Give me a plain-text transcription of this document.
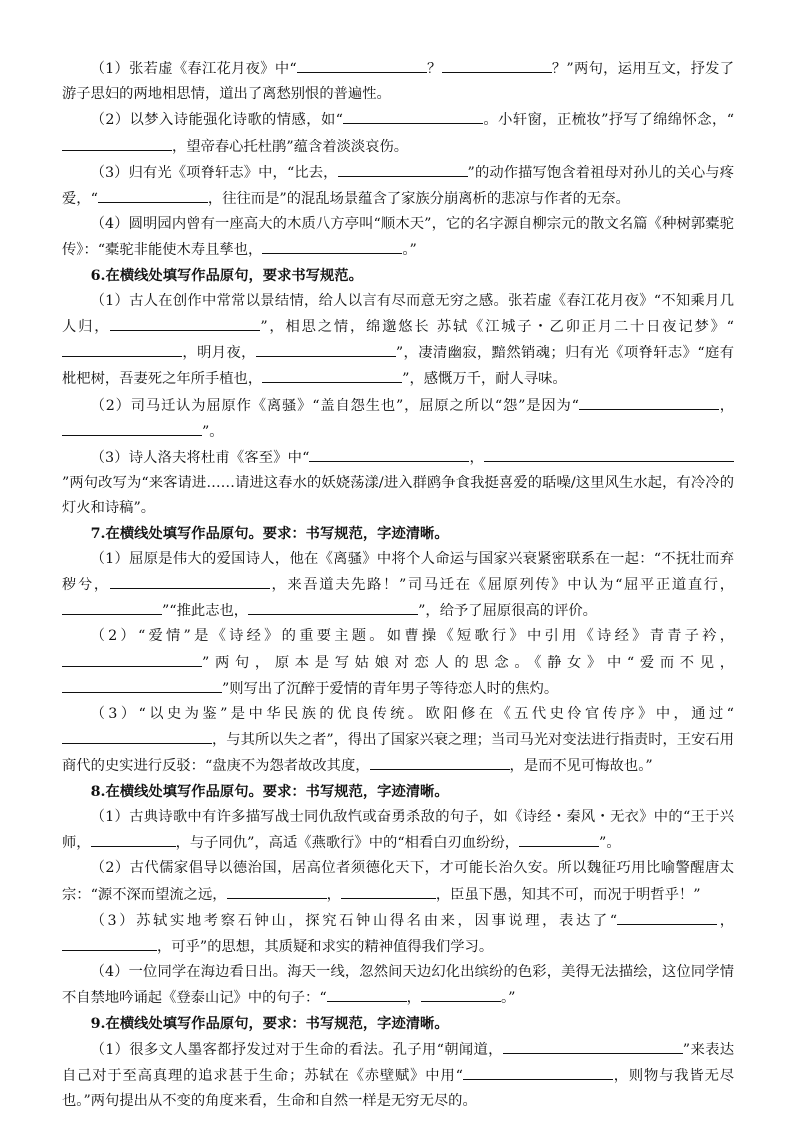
（1）张若虚《春江花月夜》中“	？	？”两句，运用互文，抒发了游子思妇的两地相思情，道出了离愁别恨的普遍性。

（2）以梦入诗能强化诗歌的情感，如“	。小轩窗，正梳妆”抒写了绵绵怀念，“，望帝春心托杜鹃”蕴含着淡淡哀伤。

（3）归有光《项脊轩志》中，“比去，	”的动作描写饱含着祖母对孙儿的关心与疼爱，“	，往往而是”的混乱场景蕴含了家族分崩离析的悲凉与作者的无奈。

（4）圆明园内曾有一座高大的木质八方亭叫“顺木天”，它的名字源自柳宗元的散文名篇《种树郭橐驼传》：“橐驼非能使木寿且孳也，	。”

6.在横线处填写作品原句，要求书写规范。

（1）古人在创作中常常以景结情，给人以言有尽而意无穷之感。张若虚《春江花月夜》“不知乘月几人归，	”，相思之情，绵邈悠长 苏轼《江城子・乙卯正月二十日夜记梦》“，明月夜，	”，凄清幽寂，黯然销魂；归有光《项脊轩志》“庭有枇杷树，吾妻死之年所手植也，	”，感慨万千，耐人寻味。

（2）司马迁认为屈原作《离骚》“盖自怨生也”，屈原之所以“怨”是因为“	，”。

（3）诗人洛夫将杜甫《客至》中“	，”两句改写为“来客请进……请进这春水的妖娆荡漾/进入群鸥争食我挺喜爱的聒噪/这里风生水起，有冷冷的灯火和诗稿”。

7.在横线处填写作品原句。要求：书写规范，字迹清晰。

（1）屈原是伟大的爱国诗人，他在《离骚》中将个人命运与国家兴衰紧密联系在一起：“不抚壮而弃秽兮，	，来吾道夫先路！”司马迁在《屈原列传》中认为“屈平正道直行，”“推此志也，	”，给予了屈原很高的评价。

（2）“爱情”是《诗经》的重要主题。如曹操《短歌行》中引用《诗经》青青子衿，”两句，原本是写姑娘对恋人的思念。《静女》中“爱而不见，”则写出了沉醉于爱情的青年男子等待恋人时的焦灼。

（3）“以史为鉴”是中华民族的优良传统。欧阳修在《五代史伶官传序》中，通过“，与其所以失之者”，得出了国家兴衰之理；当司马光对变法进行指责时，王安石用商代的史实进行反驳：“盘庚不为怨者故改其度，	，是而不见可悔故也。”

8.在横线处填写作品原句。要求：书写规范，字迹清晰。

（1）古典诗歌中有许多描写战士同仇敌忾或奋勇杀敌的句子，如《诗经・秦风・无衣》中的“王于兴师，	，与子同仇”，高适《燕歌行》中的“相看白刃血纷纷，	”。

（2）古代儒家倡导以德治国，居高位者须德化天下，才可能长治久安。所以魏征巧用比喻警醒唐太宗：“源不深而望流之远，	，	，臣虽下愚，知其不可，而况于明哲乎！”

（3）苏轼实地考察石钟山，探究石钟山得名由来，因事说理，表达了“	，，可乎”的思想，其质疑和求实的精神值得我们学习。

（4）一位同学在海边看日出。海天一线，忽然间天边幻化出缤纷的色彩，美得无法描绘，这位同学情不自禁地吟诵起《登泰山记》中的句子：“	，	。”

9.在横线处填写作品原句，要求：书写规范，字迹清晰。

（1）很多文人墨客都抒发过对于生命的看法。孔子用“朝闻道，	”来表达自己对于至高真理的追求甚于生命；苏轼在《赤壁赋》中用“	，则物与我皆无尽也。”两句提出从不变的角度来看，生命和自然一样是无穷无尽的。
